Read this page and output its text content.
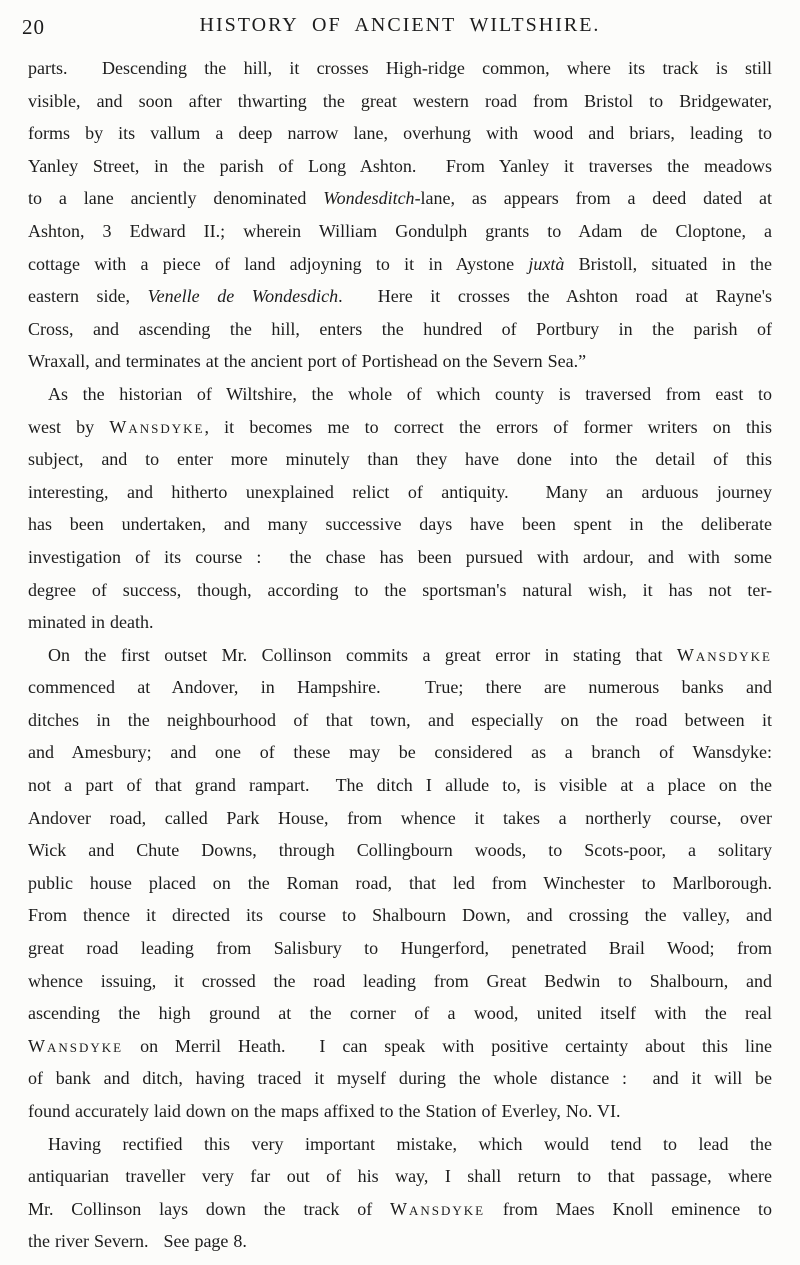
20	HISTORY OF ANCIENT WILTSHIRE.
parts.  Descending the hill, it crosses High-ridge common, where its track is still
visible, and soon after thwarting the great western road from Bristol to Bridgewater,
forms by its vallum a deep narrow lane, overhung with wood and briars, leading to
Yanley Street, in the parish of Long Ashton.  From Yanley it traverses the meadows
to a lane anciently denominated Wondesditch-lane, as appears from a deed dated at
Ashton, 3 Edward II.; wherein William Gondulph grants to Adam de Cloptone, a
cottage with a piece of land adjoyning to it in Aystone juxtà Bristoll, situated in the
eastern side, Venelle de Wondesdich.  Here it crosses the Ashton road at Rayne's
Cross, and ascending the hill, enters the hundred of Portbury in the parish of
Wraxall, and terminates at the ancient port of Portishead on the Severn Sea.”
As the historian of Wiltshire, the whole of which county is traversed from east to
west by Wansdyke, it becomes me to correct the errors of former writers on this
subject, and to enter more minutely than they have done into the detail of this
interesting, and hitherto unexplained relict of antiquity.  Many an arduous journey
has been undertaken, and many successive days have been spent in the deliberate
investigation of its course :  the chase has been pursued with ardour, and with some
degree of success, though, according to the sportsman's natural wish, it has not ter-
minated in death.
On the first outset Mr. Collinson commits a great error in stating that Wansdyke
commenced at Andover, in Hampshire.  True; there are numerous banks and
ditches in the neighbourhood of that town, and especially on the road between it
and Amesbury; and one of these may be considered as a branch of Wansdyke:
not a part of that grand rampart.  The ditch I allude to, is visible at a place on the
Andover road, called Park House, from whence it takes a northerly course, over
Wick and Chute Downs, through Collingbourn woods, to Scots-poor, a solitary
public house placed on the Roman road, that led from Winchester to Marlborough.
From thence it directed its course to Shalbourn Down, and crossing the valley, and
great road leading from Salisbury to Hungerford, penetrated Brail Wood; from
whence issuing, it crossed the road leading from Great Bedwin to Shalbourn, and
ascending the high ground at the corner of a wood, united itself with the real
Wansdyke on Merril Heath.  I can speak with positive certainty about this line
of bank and ditch, having traced it myself during the whole distance :  and it will be
found accurately laid down on the maps affixed to the Station of Everley, No. VI.
Having rectified this very important mistake, which would tend to lead the
antiquarian traveller very far out of his way, I shall return to that passage, where
Mr. Collinson lays down the track of Wansdyke from Maes Knoll eminence to
the river Severn.   See page 8.
